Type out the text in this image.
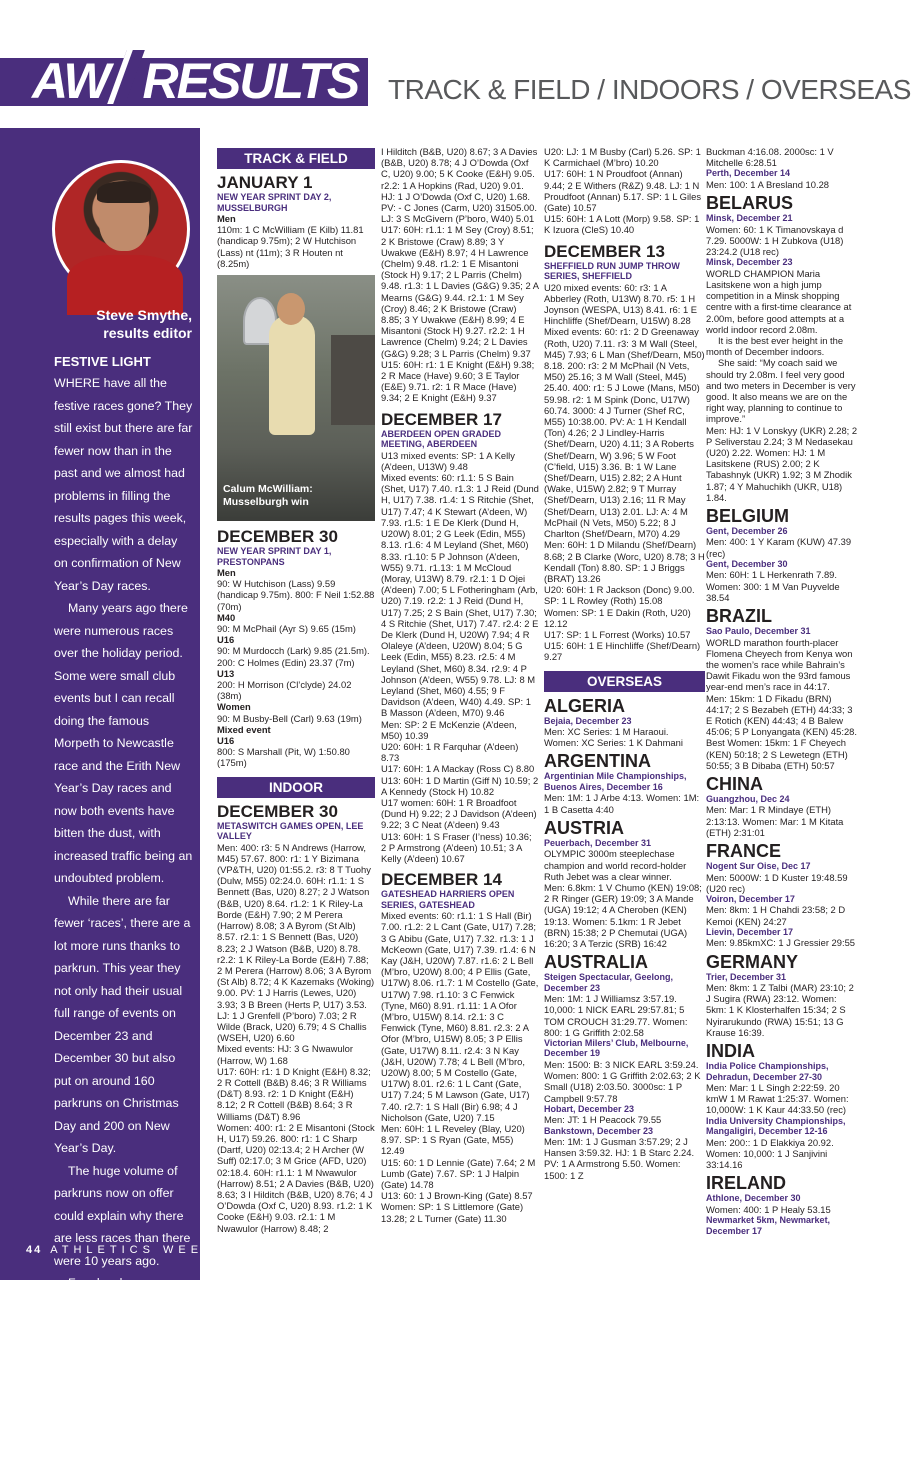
AW RESULTS TRACK & FIELD / INDOORS / OVERSEAS
Steve Smythe, results editor
FESTIVE LIGHT

WHERE have all the festive races gone? They still exist but there are far fewer now than in the past and we almost had problems in filling the results pages this week, especially with a delay on confirmation of New Year’s Day races.

Many years ago there were numerous races over the holiday period. Some were small club events but I can recall doing the famous Morpeth to Newcastle race and the Erith New Year’s Day races and now both events have bitten the dust, with increased traffic being an undoubted problem.

While there are far fewer ‘races’, there are a lot more runs thanks to parkrun. This year they not only had their usual full range of events on December 23 and December 30 but also put on around 160 parkruns on Christmas Day and 200 on New Year’s Day.

The huge volume of parkruns now on offer could explain why there are less races than there were 10 years ago.

Free local runs offering timed results and more gentle competition, with early starts that mean less time away from the family, could be why paid races over the holiday period are in decline.

44 ATHLETICS WEEKLY
TRACK & FIELD
JANUARY 1
NEW YEAR SPRINT DAY 2, MUSSELBURGH

Men

110m: 1 C McWilliam (E Kilb) 11.81 (handicap 9.75m); 2 W Hutchison (Lass) nt (11m); 3 R Houten nt (8.25m)

Calum McWilliam:
Musselburgh win
DECEMBER 30
NEW YEAR SPRINT DAY 1, PRESTONPANS

Men

90: W Hutchison (Lass) 9.59 (handicap 9.75m). 800: F Neil 1:52.88 (70m)

M40

90: M McPhail (Ayr S) 9.65 (15m)

U16

90: M Murdocch (Lark) 9.85 (21.5m). 200: C Holmes (Edin) 23.37 (7m)

U13

200: H Morrison (Cl’clyde) 24.02 (38m)

Women

90: M Busby-Bell (Carl) 9.63 (19m)

Mixed event

U16

800: S Marshall (Pit, W) 1:50.80 (175m)

INDOOR
DECEMBER 30
METASWITCH GAMES OPEN, LEE VALLEY

Men: 400: r3: 5 N Andrews (Harrow, M45) 57.67. 800: r1: 1 Y Bizimana (VP&TH, U20) 01:55.2. r3: 8 T Tuohy (Dulw, M55) 02:24.0. 60H: r1.1: 1 S Bennett (Bas, U20) 8.27; 2 J Watson (B&B, U20) 8.64. r1.2: 1 K Riley-La Borde (E&H) 7.90; 2 M Perera (Harrow) 8.08; 3 A Byrom (St Alb) 8.57. r2.1: 1 S Bennett (Bas, U20) 8.23; 2 J Watson (B&B, U20) 8.78. r2.2: 1 K Riley-La Borde (E&H) 7.88; 2 M Perera (Harrow) 8.06; 3 A Byrom (St Alb) 8.72; 4 K Kazemaks (Woking) 9.00. PV: 1 J Harris (Lewes, U20) 3.93; 3 B Breen (Herts P, U17) 3.53. LJ: 1 J Grenfell (P’boro) 7.03; 2 R Wilde (Brack, U20) 6.79; 4 S Challis (WSEH, U20) 6.60
Mixed events: HJ: 3 G Nwawulor (Harrow, W) 1.68
U17: 60H: r1: 1 D Knight (E&H) 8.32; 2 R Cottell (B&B) 8.46; 3 R Williams (D&T) 8.93. r2: 1 D Knight (E&H) 8.12; 2 R Cottell (B&B) 8.64; 3 R Williams (D&T) 8.96
Women: 400: r1: 2 E Misantoni (Stock H, U17) 59.26. 800: r1: 1 C Sharp (Dartf, U20) 02:13.4; 2 H Archer (W Suff) 02:17.0; 3 M Grice (AFD, U20) 02:18.4. 60H: r1.1: 1 M Nwawulor (Harrow) 8.51; 2 A Davies (B&B, U20) 8.63; 3 I Hilditch (B&B, U20) 8.76; 4 J O’Dowda (Oxf C, U20) 8.93. r1.2: 1 K Cooke (E&H) 9.03. r2.1: 1 M Nwawulor (Harrow) 8.48; 2

I Hilditch (B&B, U20) 8.67; 3 A Davies (B&B, U20) 8.78; 4 J O’Dowda (Oxf C, U20) 9.00; 5 K Cooke (E&H) 9.05. r2.2: 1 A Hopkins (Rad, U20) 9.01. HJ: 1 J O’Dowda (Oxf C, U20) 1.68. PV: - C Jones (Carm, U20) 31505.00. LJ: 3 S McGivern (P’boro, W40) 5.01
U17: 60H: r1.1: 1 M Sey (Croy) 8.51; 2 K Bristowe (Craw) 8.89; 3 Y Uwakwe (E&H) 8.97; 4 H Lawrence (Chelm) 9.48. r1.2: 1 E Misantoni (Stock H) 9.17; 2 L Parris (Chelm) 9.48. r1.3: 1 L Davies (G&G) 9.35; 2 A Mearns (G&G) 9.44. r2.1: 1 M Sey (Croy) 8.46; 2 K Bristowe (Craw) 8.85; 3 Y Uwakwe (E&H) 8.99; 4 E Misantoni (Stock H) 9.27. r2.2: 1 H Lawrence (Chelm) 9.24; 2 L Davies (G&G) 9.28; 3 L Parris (Chelm) 9.37
U15: 60H: r1: 1 E Knight (E&H) 9.38; 2 R Mace (Have) 9.60; 3 E Taylor (E&E) 9.71. r2: 1 R Mace (Have) 9.34; 2 E Knight (E&H) 9.37

DECEMBER 17
ABERDEEN OPEN GRADED MEETING, ABERDEEN

U13 mixed events: SP: 1 A Kelly (A’deen, U13W) 9.48
Mixed events: 60: r1.1: 5 S Bain (Shet, U17) 7.40. r1.3: 1 J Reid (Dund H, U17) 7.38. r1.4: 1 S Ritchie (Shet, U17) 7.47; 4 K Stewart (A’deen, W) 7.93. r1.5: 1 E De Klerk (Dund H, U20W) 8.01; 2 G Leek (Edin, M55) 8.13. r1.6: 4 M Leyland (Shet, M60) 8.33. r1.10: 5 P Johnson (A’deen, W55) 9.71. r1.13: 1 M McCloud (Moray, U13W) 8.79. r2.1: 1 D Ojei (A’deen) 7.00; 5 L Fotheringham (Arb, U20) 7.19. r2.2: 1 J Reid (Dund H, U17) 7.25; 2 S Bain (Shet, U17) 7.30; 4 S Ritchie (Shet, U17) 7.47. r2.4: 2 E De Klerk (Dund H, U20W) 7.94; 4 R Olaleye (A’deen, U20W) 8.04; 5 G Leek (Edin, M55) 8.23. r2.5: 4 M Leyland (Shet, M60) 8.34. r2.9: 4 P Johnson (A’deen, W55) 9.78. LJ: 8 M Leyland (Shet, M60) 4.55; 9 F Davidson (A’deen, W40) 4.49. SP: 1 B Masson (A’deen, M70) 9.46
Men: SP: 2 E McKenzie (A’deen, M50) 10.39
U20: 60H: 1 R Farquhar (A’deen) 8.73
U17: 60H: 1 A Mackay (Ross C) 8.80
U13: 60H: 1 D Martin (Giff N) 10.59; 2 A Kennedy (Stock H) 10.82
U17 women: 60H: 1 R Broadfoot (Dund H) 9.22; 2 J Davidson (A’deen) 9.22; 3 C Neat (A’deen) 9.43
U13: 60H: 1 S Fraser (I’ness) 10.36; 2 P Armstrong (A’deen) 10.51; 3 A Kelly (A’deen) 10.67

DECEMBER 14
GATESHEAD HARRIERS OPEN SERIES, GATESHEAD

Mixed events: 60: r1.1: 1 S Hall (Bir) 7.00. r1.2: 2 L Cant (Gate, U17) 7.28; 3 G Abibu (Gate, U17) 7.32. r1.3: 1 J McKeown (Gate, U17) 7.39. r1.4: 6 N Kay (J&H, U20W) 7.87. r1.6: 2 L Bell (M’bro, U20W) 8.00; 4 P Ellis (Gate, U17W) 8.06. r1.7: 1 M Costello (Gate, U17W) 7.98. r1.10: 3 C Fenwick (Tyne, M60) 8.91. r1.11: 1 A Ofor (M’bro, U15W) 8.14. r2.1: 3 C Fenwick (Tyne, M60) 8.81. r2.3: 2 A Ofor (M’bro, U15W) 8.05; 3 P Ellis (Gate, U17W) 8.11. r2.4: 3 N Kay (J&H, U20W) 7.78; 4 L Bell (M’bro, U20W) 8.00; 5 M Costello (Gate, U17W) 8.01. r2.6: 1 L Cant (Gate, U17) 7.24; 5 M Lawson (Gate, U17) 7.40. r2.7: 1 S Hall (Bir) 6.98; 4 J Nicholson (Gate, U20) 7.15
Men: 60H: 1 L Reveley (Blay, U20) 8.97. SP: 1 S Ryan (Gate, M55) 12.49
U15: 60: 1 D Lennie (Gate) 7.64; 2 M Lumb (Gate) 7.67. SP: 1 J Halpin (Gate) 14.78
U13: 60: 1 J Brown-King (Gate) 8.57
Women: SP: 1 S Littlemore (Gate) 13.28; 2 L Turner (Gate) 11.30

U20: LJ: 1 M Busby (Carl) 5.26. SP: 1 K Carmichael (M’bro) 10.20
U17: 60H: 1 N Proudfoot (Annan) 9.44; 2 E Withers (R&Z) 9.48. LJ: 1 N Proudfoot (Annan) 5.17. SP: 1 L Giles (Gate) 10.57
U15: 60H: 1 A Lott (Morp) 9.58. SP: 1 K Izuora (CleS) 10.40

DECEMBER 13
SHEFFIELD RUN JUMP THROW SERIES, SHEFFIELD

U20 mixed events: 60: r3: 1 A Abberley (Roth, U13W) 8.70. r5: 1 H Joynson (WESPA, U13) 8.41. r6: 1 E Hinchliffe (Shef/Dearn, U15W) 8.28
Mixed events: 60: r1: 2 D Greenaway (Roth, U20) 7.11. r3: 3 M Wall (Steel, M45) 7.93; 6 L Man (Shef/Dearn, M50) 8.18. 200: r3: 2 M McPhail (N Vets, M50) 25.16; 3 M Wall (Steel, M45) 25.40. 400: r1: 5 J Lowe (Mans, M50) 59.98. r2: 1 M Spink (Donc, U17W) 60.74. 3000: 4 J Turner (Shef RC, M55) 10:38.00. PV: A: 1 H Kendall (Ton) 4.26; 2 J Lindley-Harris (Shef/Dearn, U20) 4.11; 3 A Roberts (Shef/Dearn, W) 3.96; 5 W Foot (C’field, U15) 3.36. B: 1 W Lane (Shef/Dearn, U15) 2.82; 2 A Hunt (Wake, U15W) 2.82; 9 T Murray (Shef/Dearn, U13) 2.16; 11 R May (Shef/Dearn, U13) 2.01. LJ: A: 4 M McPhail (N Vets, M50) 5.22; 8 J Charlton (Shef/Dearn, M70) 4.29
Men: 60H: 1 D Milandu (Shef/Dearn) 8.68; 2 B Clarke (Worc, U20) 8.78; 3 H Kendall (Ton) 8.80. SP: 1 J Briggs (BRAT) 13.26
U20: 60H: 1 R Jackson (Donc) 9.00. SP: 1 L Rowley (Roth) 15.08
Women: SP: 1 E Dakin (Roth, U20) 12.12
U17: SP: 1 L Forrest (Works) 10.57
U15: 60H: 1 E Hinchliffe (Shef/Dearn) 9.27

OVERSEAS
ALGERIA
Bejaia, December 23

Men: XC Series: 1 M Haraoui. Women: XC Series: 1 K Dahmani

ARGENTINA
Argentinian Mile Championships, Buenos Aires, December 16

Men: 1M: 1 J Arbe 4:13. Women: 1M: 1 B Casetta 4:40

AUSTRIA
Peuerbach, December 31

OLYMPIC 3000m steeplechase champion and world record-holder Ruth Jebet was a clear winner.
Men: 6.8km: 1 V Chumo (KEN) 19:08; 2 R Ringer (GER) 19:09; 3 A Mande (UGA) 19:12; 4 A Cheroben (KEN) 19:13. Women: 5.1km: 1 R Jebet (BRN) 15:38; 2 P Chemutai (UGA) 16:20; 3 A Terzic (SRB) 16:42

AUSTRALIA
Steigen Spectacular, Geelong, December 23

Men: 1M: 1 J Williamsz 3:57.19. 10,000: 1 NICK EARL 29:57.81; 5 TOM CROUCH 31:29.77. Women: 800: 1 G Griffith 2:02.58

Victorian Milers’ Club, Melbourne, December 19

Men: 1500: B: 3 NICK EARL 3:59.24. Women: 800: 1 G Griffith 2:02.63; 2 K Small (U18) 2:03.50. 3000sc: 1 P Campbell 9:57.78

Hobart, December 23

Men: JT: 1 H Peacock 79.55

Bankstown, December 23

Men: 1M: 1 J Gusman 3:57.29; 2 J Hansen 3:59.32. HJ: 1 B Starc 2.24. PV: 1 A Armstrong 5.50. Women: 1500: 1 Z

Buckman 4:16.08. 2000sc: 1 V Mitchelle 6:28.51

Perth, December 14

Men: 100: 1 A Bresland 10.28

BELARUS
Minsk, December 21

Women: 60: 1 K Timanovskaya d 7.29. 5000W: 1 H Zubkova (U18) 23:24.2 (U18 rec)

Minsk, December 23

WORLD CHAMPION Maria Lasitskene won a high jump competition in a Minsk shopping centre with a first-time clearance at 2.00m, before good attempts at a world indoor record 2.08m.

It is the best ever height in the month of December indoors.

She said: “My coach said we should try 2.08m. I feel very good and two meters in December is very good. It also means we are on the right way, planning to continue to improve.”

Men: HJ: 1 V Lonskyy (UKR) 2.28; 2 P Seliverstau 2.24; 3 M Nedasekau (U20) 2.22. Women: HJ: 1 M Lasitskene (RUS) 2.00; 2 K Tabashnyk (UKR) 1.92; 3 M Zhodik 1.87; 4 Y Mahuchikh (UKR, U18) 1.84.

BELGIUM
Gent, December 26

Men: 400: 1 Y Karam (KUW) 47.39 (rec)

Gent, December 30

Men: 60H: 1 L Herkenrath 7.89. Women: 300: 1 M Van Puyvelde 38.54

BRAZIL
Sao Paulo, December 31

WORLD marathon fourth-placer Flomena Cheyech from Kenya won the women’s race while Bahrain’s Dawit Fikadu won the 93rd famous year-end men’s race in 44:17.

Men: 15km: 1 D Fikadu (BRN) 44:17; 2 S Bezabeh (ETH) 44:33; 3 E Rotich (KEN) 44:43; 4 B Balew 45:06; 5 P Lonyangata (KEN) 45:28. Best Women: 15km: 1 F Cheyech (KEN) 50:18; 2 S Lewetegn (ETH) 50:55; 3 B Dibaba (ETH) 50:57

CHINA
Guangzhou, Dec 24

Men: Mar: 1 R Mindaye (ETH) 2:13:13. Women: Mar: 1 M Kitata (ETH) 2:31:01

FRANCE
Nogent Sur Oise, Dec 17

Men: 5000W: 1 D Kuster 19:48.59 (U20 rec)

Voiron, December 17

Men: 8km: 1 H Chahdi 23:58; 2 D Kemoi (KEN) 24:27

Lievin, December 17

Men: 9.85kmXC: 1 J Gressier 29:55

GERMANY
Trier, December 31

Men: 8km: 1 Z Talbi (MAR) 23:10; 2 J Sugira (RWA) 23:12. Women: 5km: 1 K Klosterhalfen 15:34; 2 S Nyirarukundo (RWA) 15:51; 13 G Krause 16:39.

INDIA
India Police Championships, Dehradun, December 27-30

Men: Mar: 1 L Singh 2:22:59. 20 kmW 1 M Rawat 1:25:37. Women: 10,000W: 1 K Kaur 44:33.50 (rec)

India University Championships, Mangaligiri, December 12-16

Men: 200:: 1 D Elakkiya 20.92. Women: 10,000: 1 J Sanjivini 33:14.16

IRELAND
Athlone, December 30

Women: 400: 1 P Healy 53.15

Newmarket 5km, Newmarket, December 17
